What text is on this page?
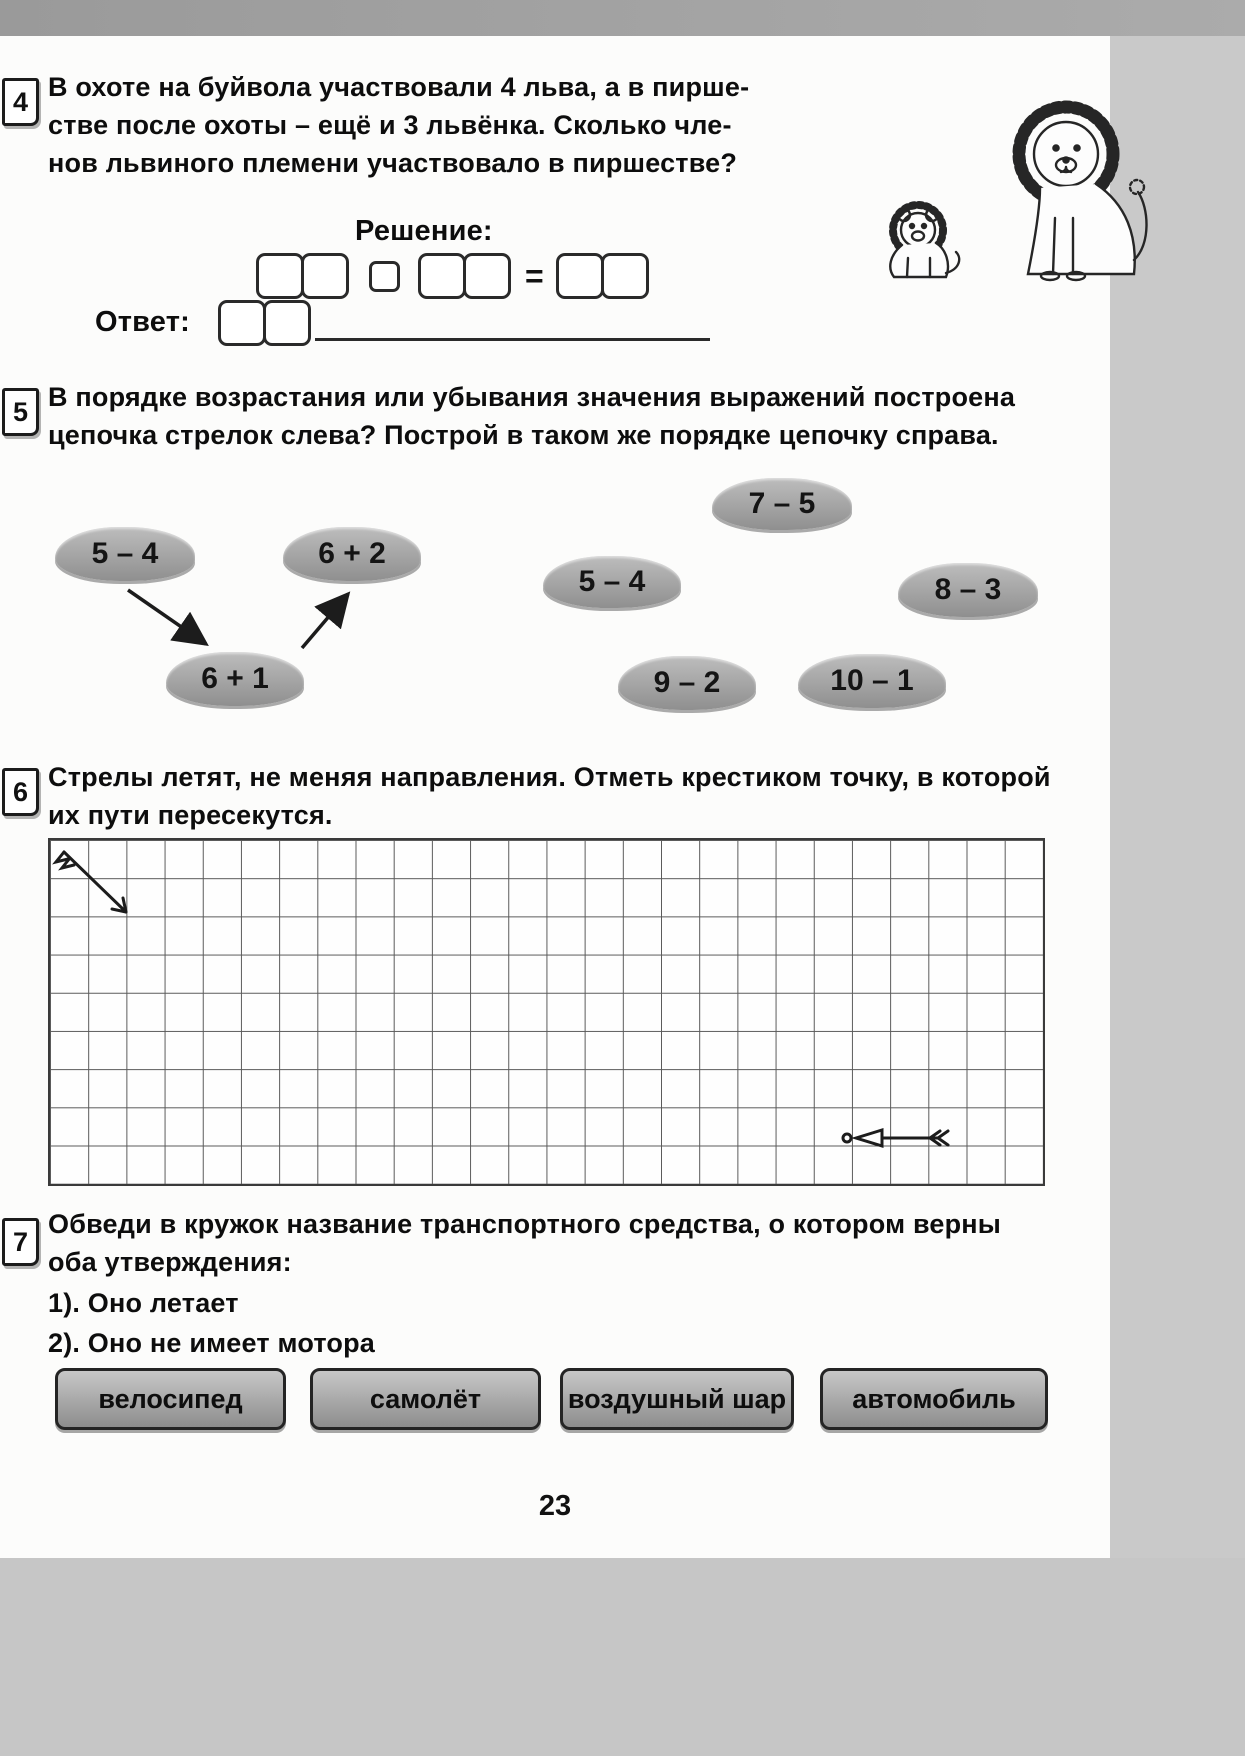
4 В охоте на буйвола участвовали 4 льва, а в пирше-
стве после охоты – ещё и 3 львёнка. Сколько чле-
нов львиного племени участвовало в пиршестве?
Решение:
=
Ответ:
5 В порядке возрастания или убывания значения выражений построена
цепочка стрелок слева? Построй в таком же порядке цепочку справа.
5 – 4	6 + 2
6 + 1
7 – 5
5 – 4	8 – 3
9 – 2	10 – 1
6 Стрелы летят, не меняя направления. Отметь крестиком точку, в которой
их пути пересекутся.
7
Обведи в кружок название транспортного средства, о котором верны
оба утверждения:
1). Оно летает
2). Оно не имеет мотора
велосипед	самолёт	воздушный шар автомобиль
23
